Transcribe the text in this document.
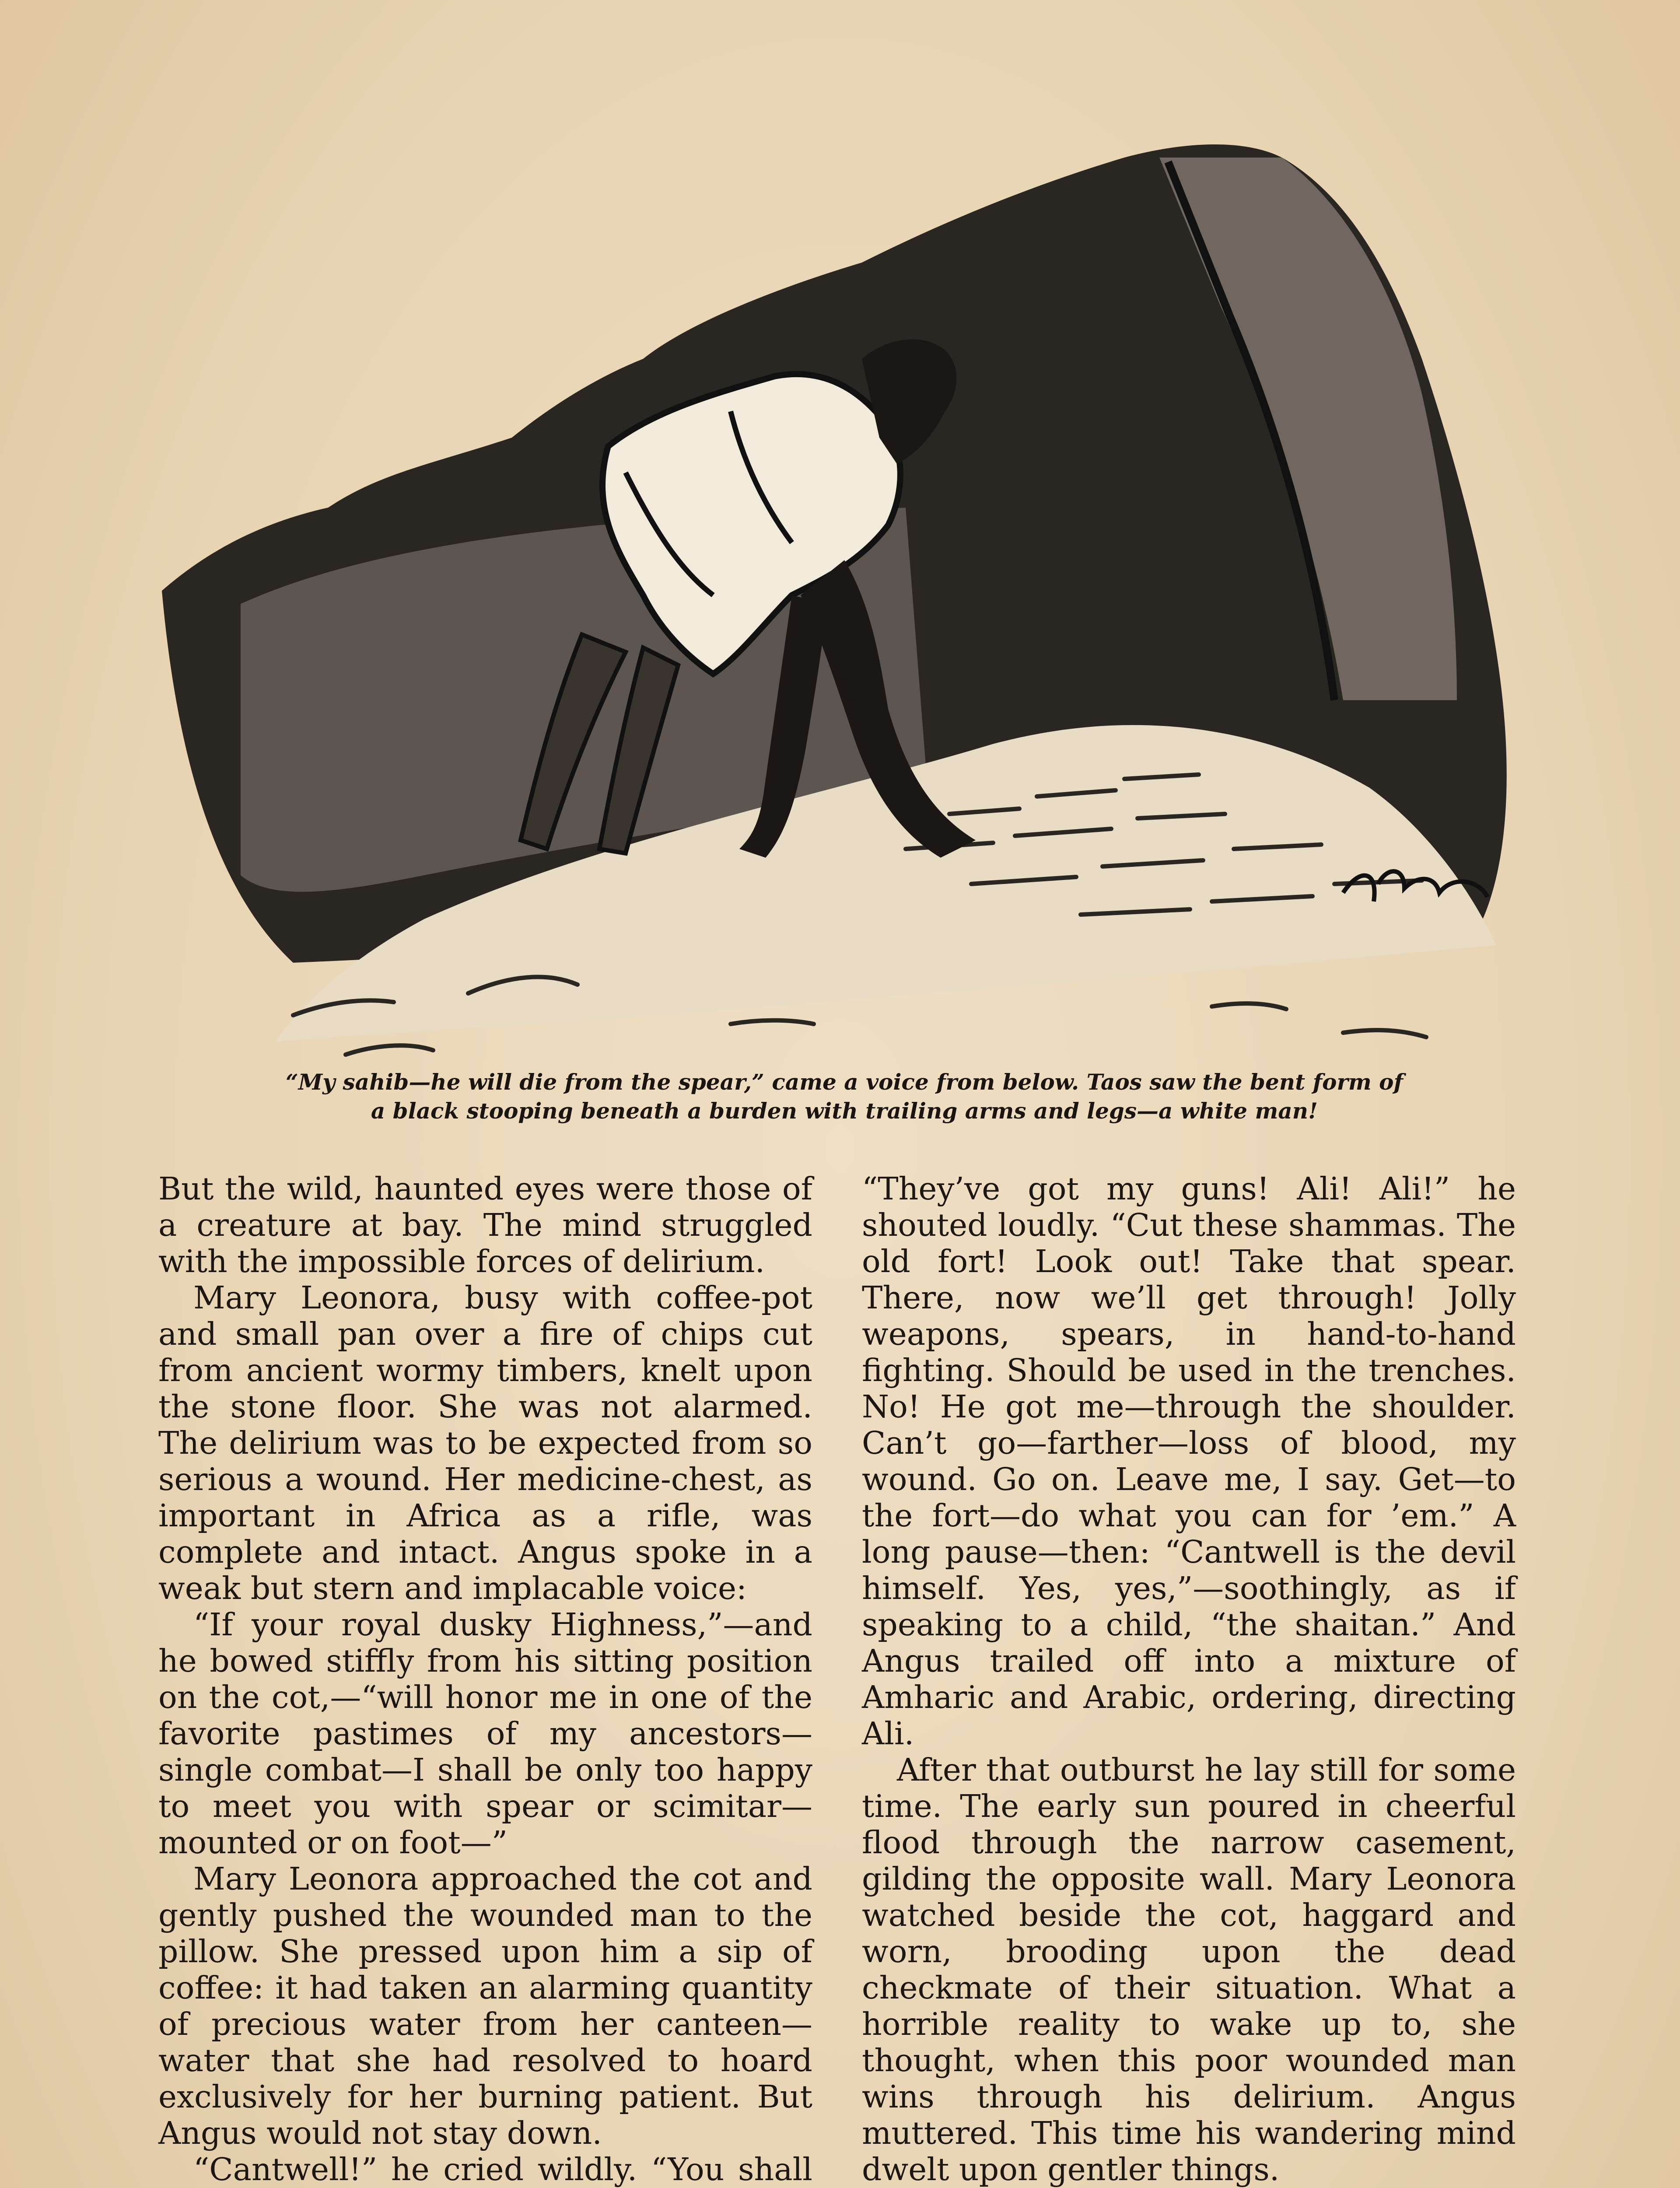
“My sahib—he will die from the spear,” came a voice from below. Taos saw the bent form of a black stooping beneath a burden with trailing arms and legs—a white man!

But the wild, haunted eyes were those of a creature at bay. The mind struggled with the impossible forces of delirium.

Mary Leonora, busy with coffee-pot and small pan over a fire of chips cut from ancient wormy timbers, knelt upon the stone floor. She was not alarmed. The delirium was to be expected from so serious a wound. Her medicine-chest, as important in Africa as a rifle, was complete and intact. Angus spoke in a weak but stern and implacable voice:

“If your royal dusky Highness,”—and he bowed stiffly from his sitting position on the cot,—“will honor me in one of the favorite pastimes of my ancestors—single combat—I shall be only too happy to meet you with spear or scimitar—mounted or on foot—”

Mary Leonora approached the cot and gently pushed the wounded man to the pillow. She pressed upon him a sip of coffee: it had taken an alarming quantity of precious water from her canteen—water that she had resolved to hoard exclusively for her burning patient. But Angus would not stay down.

“Cantwell!” he cried wildly. “You shall

“They’ve got my guns! Ali! Ali!” he shouted loudly. “Cut these shammas. The old fort! Look out! Take that spear. There, now we’ll get through! Jolly weapons, spears, in hand-to-hand fighting. Should be used in the trenches. No! He got me—through the shoulder. Can’t go—farther—loss of blood, my wound. Go on. Leave me, I say. Get—to the fort—do what you can for ’em.” A long pause—then: “Cantwell is the devil himself. Yes, yes,”—soothingly, as if speaking to a child, “the shaitan.” And Angus trailed off into a mixture of Amharic and Arabic, ordering, directing Ali.

After that outburst he lay still for some time. The early sun poured in cheerful flood through the narrow casement, gilding the opposite wall. Mary Leonora watched beside the cot, haggard and worn, brooding upon the dead checkmate of their situation. What a horrible reality to wake up to, she thought, when this poor wounded man wins through his delirium. Angus muttered. This time his wandering mind dwelt upon gentler things.
